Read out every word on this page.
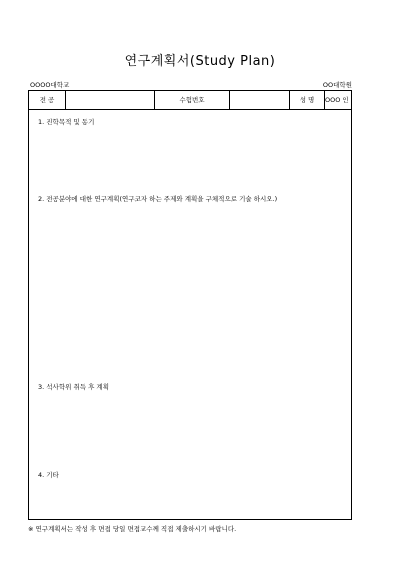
연구계획서(Study Plan)
OOOO대학교	OO대학원
전 공	수험번호	성 명	OOO 인
1. 진학목적 및 동기
2. 전공분야에 대한 연구계획(연구코자 하는 주제와 계획을 구체적으로 기술 하시오.)
3. 석사학위 취득 후 계획
4. 기타
※ 연구계획서는 작성 후 면접 당일 면접교수께 직접 제출하시기 바랍니다.
